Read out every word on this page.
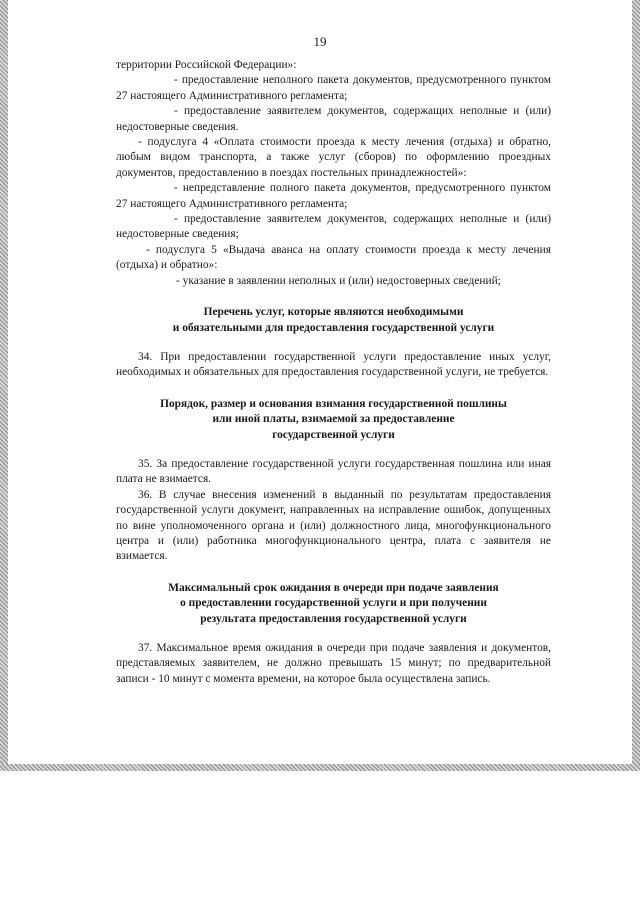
19

территории Российской Федерации»:

- предоставление неполного пакета документов, предусмотренного пунктом 27 настоящего Административного регламента;

- предоставление заявителем документов, содержащих неполные и (или) недостоверные сведения.

- подуслуга 4 «Оплата стоимости проезда к месту лечения (отдыха) и обратно, любым видом транспорта, а также услуг (сборов) по оформлению проездных документов, предоставлению в поездах постельных принадлежностей»:

- непредставление полного пакета документов, предусмотренного пунктом 27 настоящего Административного регламента;

- предоставление заявителем документов, содержащих неполные и (или) недостоверные сведения;

- подуслуга 5 «Выдача аванса на оплату стоимости проезда к месту лечения (отдыха) и обратно»:

- указание в заявлении неполных и (или) недостоверных сведений;

Перечень услуг, которые являются необходимыми

и обязательными для предоставления государственной услуги

34. При предоставлении государственной услуги предоставление иных услуг, необходимых и обязательных для предоставления государственной услуги, не требуется.

Порядок, размер и основания взимания государственной пошлины

или иной платы, взимаемой за предоставление

государственной услуги

35. За предоставление государственной услуги государственная пошлина или иная плата не взимается.

36. В случае внесения изменений в выданный по результатам предоставления государственной услуги документ, направленных на исправление ошибок, допущенных по вине уполномоченного органа и (или) должностного лица, многофункционального центра и (или) работника многофункционального центра, плата с заявителя не взимается.

Максимальный срок ожидания в очереди при подаче заявления

о предоставлении государственной услуги и при получении

результата предоставления государственной услуги

37. Максимальное время ожидания в очереди при подаче заявления и документов, представляемых заявителем, не должно превышать 15 минут; по предварительной записи - 10 минут с момента времени, на которое была осуществлена запись.
